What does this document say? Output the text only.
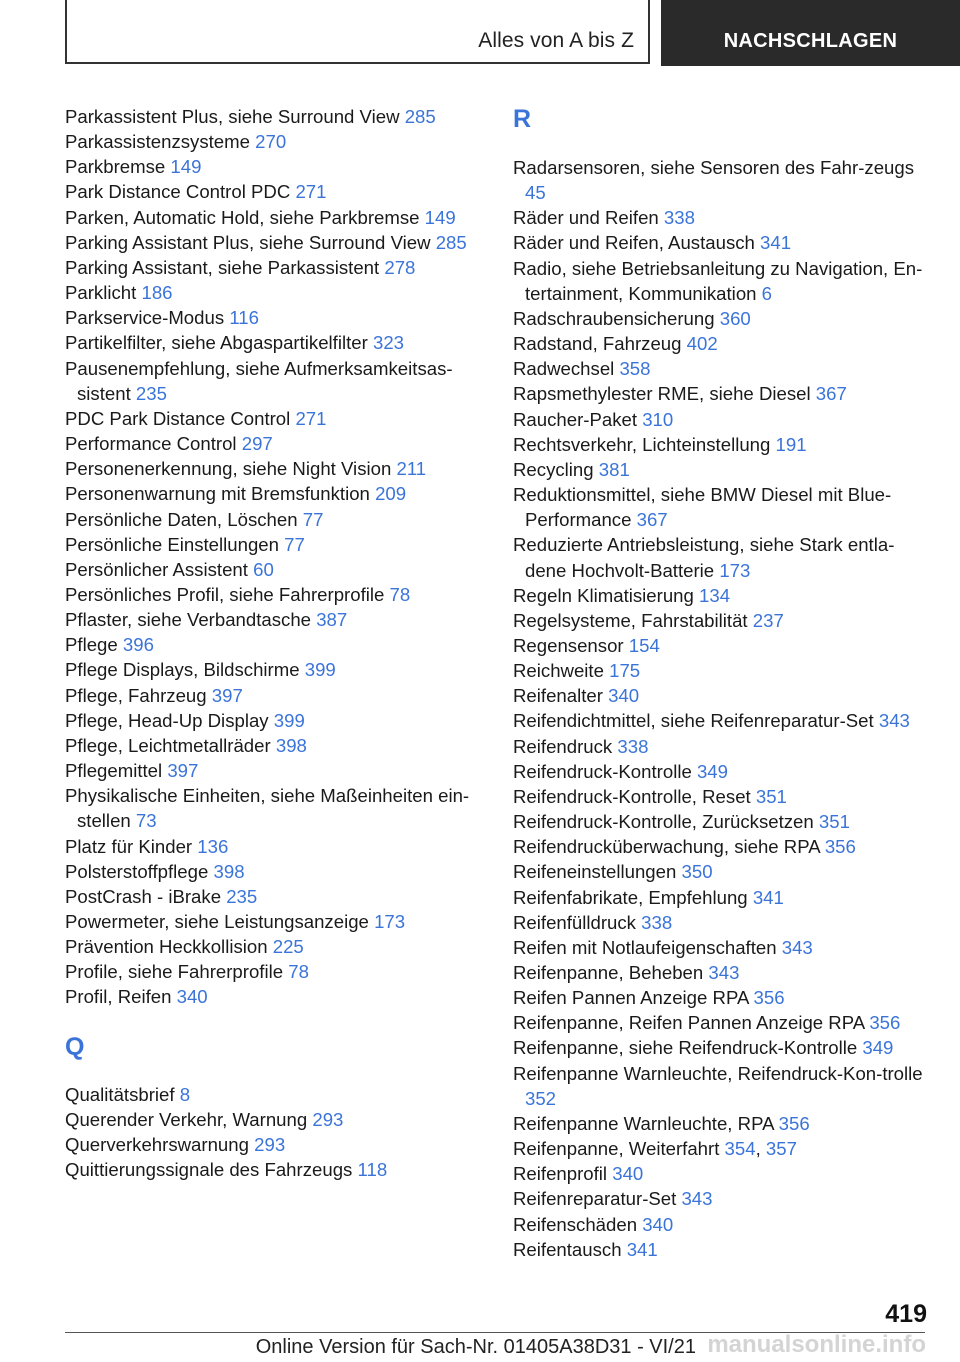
Alles von A bis Z	NACHSCHLAGEN
Parkassistent Plus, siehe Surround View 285
Parkassistenzsysteme 270
Parkbremse 149
Park Distance Control PDC 271
Parken, Automatic Hold, siehe Parkbremse 149
Parking Assistant Plus, siehe Surround View 285
Parking Assistant, siehe Parkassistent 278
Parklicht 186
Parkservice-Modus 116
Partikelfilter, siehe Abgaspartikelfilter 323
Pausenempfehlung, siehe Aufmerksamkeitsas-sistent 235
PDC Park Distance Control 271
Performance Control 297
Personenerkennung, siehe Night Vision 211
Personenwarnung mit Bremsfunktion 209
Persönliche Daten, Löschen 77
Persönliche Einstellungen 77
Persönlicher Assistent 60
Persönliches Profil, siehe Fahrerprofile 78
Pflaster, siehe Verbandtasche 387
Pflege 396
Pflege Displays, Bildschirme 399
Pflege, Fahrzeug 397
Pflege, Head-Up Display 399
Pflege, Leichtmetallräder 398
Pflegemittel 397
Physikalische Einheiten, siehe Maßeinheiten ein-stellen 73
Platz für Kinder 136
Polsterstoffpflege 398
PostCrash - iBrake 235
Powermeter, siehe Leistungsanzeige 173
Prävention Heckkollision 225
Profile, siehe Fahrerprofile 78
Profil, Reifen 340
Q
Qualitätsbrief 8
Querender Verkehr, Warnung 293
Querverkehrswarnung 293
Quittierungssignale des Fahrzeugs 118
R
Radarsensoren, siehe Sensoren des Fahr-zeugs 45
Räder und Reifen 338
Räder und Reifen, Austausch 341
Radio, siehe Betriebsanleitung zu Navigation, En-tertainment, Kommunikation 6
Radschraubensicherung 360
Radstand, Fahrzeug 402
Radwechsel 358
Rapsmethylester RME, siehe Diesel 367
Raucher-Paket 310
Rechtsverkehr, Lichteinstellung 191
Recycling 381
Reduktionsmittel, siehe BMW Diesel mit Blue-Performance 367
Reduzierte Antriebsleistung, siehe Stark entla-dene Hochvolt-Batterie 173
Regeln Klimatisierung 134
Regelsysteme, Fahrstabilität 237
Regensensor 154
Reichweite 175
Reifenalter 340
Reifendichtmittel, siehe Reifenreparatur-Set 343
Reifendruck 338
Reifendruck-Kontrolle 349
Reifendruck-Kontrolle, Reset 351
Reifendruck-Kontrolle, Zurücksetzen 351
Reifendrucküberwachung, siehe RPA 356
Reifeneinstellungen 350
Reifenfabrikate, Empfehlung 341
Reifenfülldruck 338
Reifen mit Notlaufeigenschaften 343
Reifenpanne, Beheben 343
Reifen Pannen Anzeige RPA 356
Reifenpanne, Reifen Pannen Anzeige RPA 356
Reifenpanne, siehe Reifendruck-Kontrolle 349
Reifenpanne Warnleuchte, Reifendruck-Kon-trolle 352
Reifenpanne Warnleuchte, RPA 356
Reifenpanne, Weiterfahrt 354, 357
Reifenprofil 340
Reifenreparatur-Set 343
Reifenschäden 340
Reifentausch 341
419
Online Version für Sach-Nr. 01405A38D31 - VI/21 manualsonline.info
